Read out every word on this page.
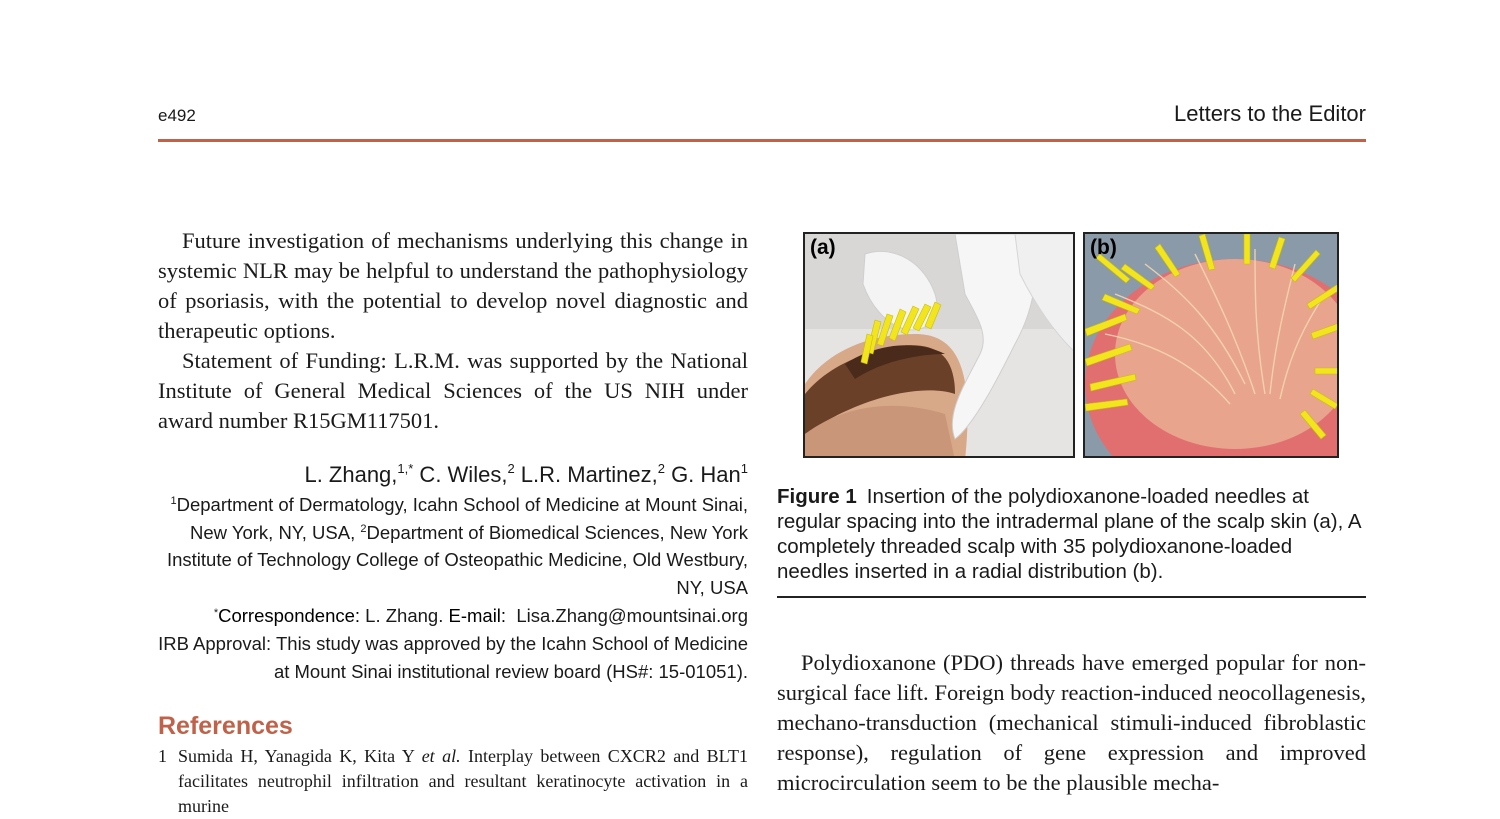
e492	Letters to the Editor

Future investigation of mechanisms underlying this change in systemic NLR may be helpful to understand the pathophysiology of psoriasis, with the potential to develop novel diagnostic and therapeutic options.

Statement of Funding: L.R.M. was supported by the National Institute of General Medical Sciences of the US NIH under award number R15GM117501.

L. Zhang,$^{1,*}$ C. Wiles,$^2$ L.R. Martinez,$^2$ G. Han$^1$
$^1$Department of Dermatology, Icahn School of Medicine at Mount Sinai, New York, NY, USA, $^2$Department of Biomedical Sciences, New York Institute of Technology College of Osteopathic Medicine, Old Westbury, NY, USA
*Correspondence: L. Zhang. E-mail:  Lisa.Zhang@mountsinai.org
IRB Approval: This study was approved by the Icahn School of Medicine at Mount Sinai institutional review board (HS#: 15-01051).
References
1 Sumida H, Yanagida K, Kita Y et al. Interplay between CXCR2 and BLT1 facilitates neutrophil infiltration and resultant keratinocyte activation in a murine
(a)	(b)
Figure 1 Insertion of the polydioxanone-loaded needles at regular spacing into the intradermal plane of the scalp skin (a), A completely threaded scalp with 35 polydioxanone-loaded needles inserted in a radial distribution (b).

Polydioxanone (PDO) threads have emerged popular for non-surgical face lift. Foreign body reaction-induced neocollagenesis, mechano-transduction (mechanical stimuli-induced fibroblastic response), regulation of gene expression and improved microcirculation seem to be the plausible mecha-
